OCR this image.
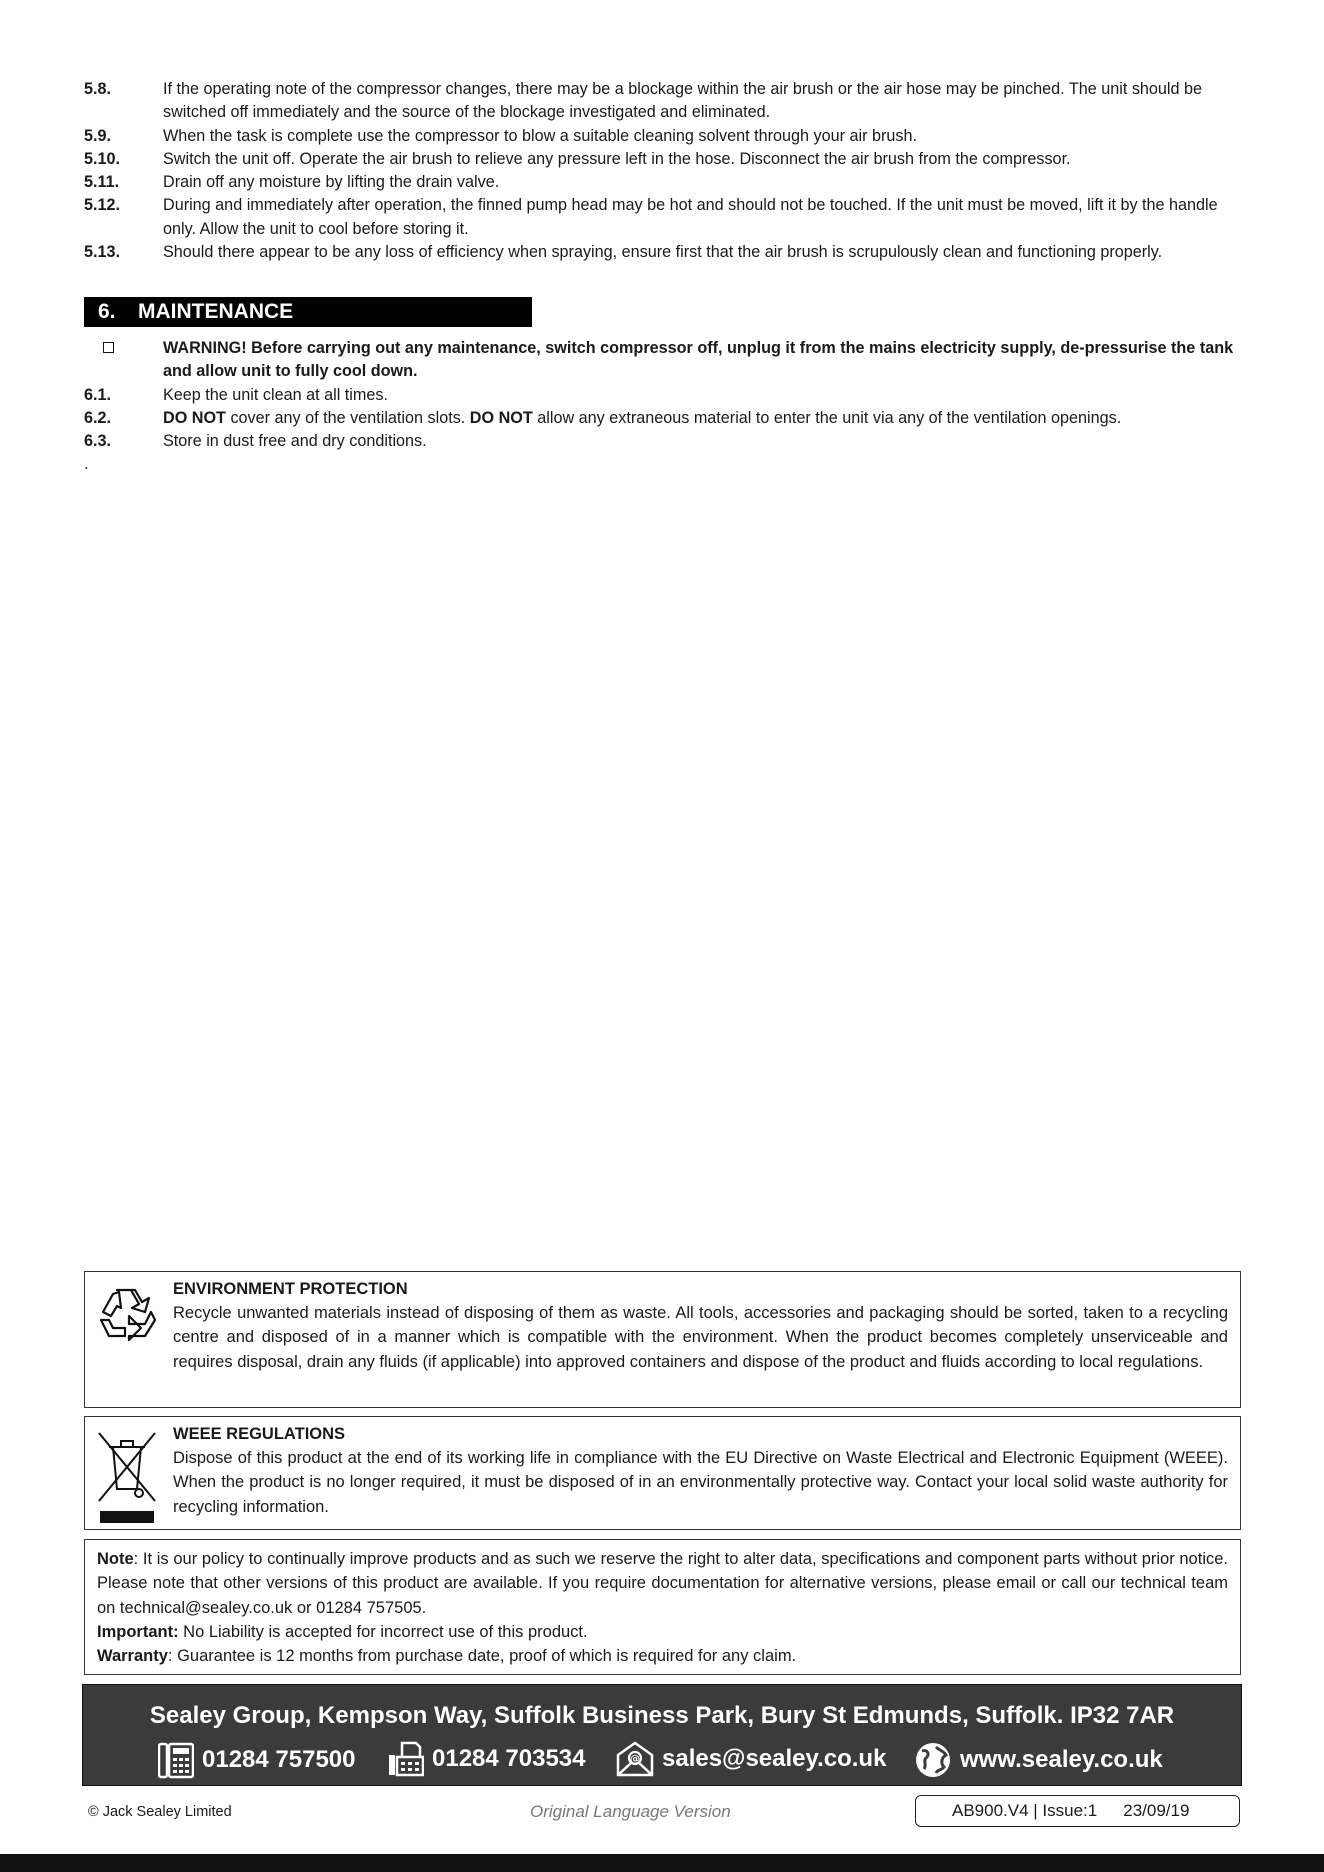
5.8.	If the operating note of the compressor changes, there may be a blockage within the air brush or the air hose may be pinched. The unit should be switched off immediately and the source of the blockage investigated and eliminated.
5.9.	When the task is complete use the compressor to blow a suitable cleaning solvent through your air brush.
5.10.	Switch the unit off. Operate the air brush to relieve any pressure left in the hose. Disconnect the air brush from the compressor.
5.11.	Drain off any moisture by lifting the drain valve.
5.12.	During and immediately after operation, the finned pump head may be hot and should not be touched. If the unit must be moved, lift it by the handle only. Allow the unit to cool before storing it.
5.13.	Should there appear to be any loss of efficiency when spraying, ensure first that the air brush is scrupulously clean and functioning properly.
6. MAINTENANCE
WARNING! Before carrying out any maintenance, switch compressor off, unplug it from the mains electricity supply, de-pressurise the tank and allow unit to fully cool down.
6.1.	Keep the unit clean at all times.
6.2.	DO NOT cover any of the ventilation slots. DO NOT allow any extraneous material to enter the unit via any of the ventilation openings.
6.3.	Store in dust free and dry conditions.
.
ENVIRONMENT PROTECTION
Recycle unwanted materials instead of disposing of them as waste. All tools, accessories and packaging should be sorted, taken to a recycling centre and disposed of in a manner which is compatible with the environment. When the product becomes completely unserviceable and requires disposal, drain any fluids (if applicable) into approved containers and dispose of the product and fluids according to local regulations.
WEEE REGULATIONS
Dispose of this product at the end of its working life in compliance with the EU Directive on Waste Electrical and Electronic Equipment (WEEE). When the product is no longer required, it must be disposed of in an environmentally protective way. Contact your local solid waste authority for recycling information.
Note: It is our policy to continually improve products and as such we reserve the right to alter data, specifications and component parts without prior notice. Please note that other versions of this product are available. If you require documentation for alternative versions, please email or call our technical team on technical@sealey.co.uk or 01284 757505.
Important: No Liability is accepted for incorrect use of this product.
Warranty: Guarantee is 12 months from purchase date, proof of which is required for any claim.
Sealey Group, Kempson Way, Suffolk Business Park, Bury St Edmunds, Suffolk. IP32 7AR
01284 757500	01284 703534	@ sales@sealey.co.uk	www.sealey.co.uk
© Jack Sealey Limited	Original Language Version	AB900.V4 | Issue:1 23/09/19
